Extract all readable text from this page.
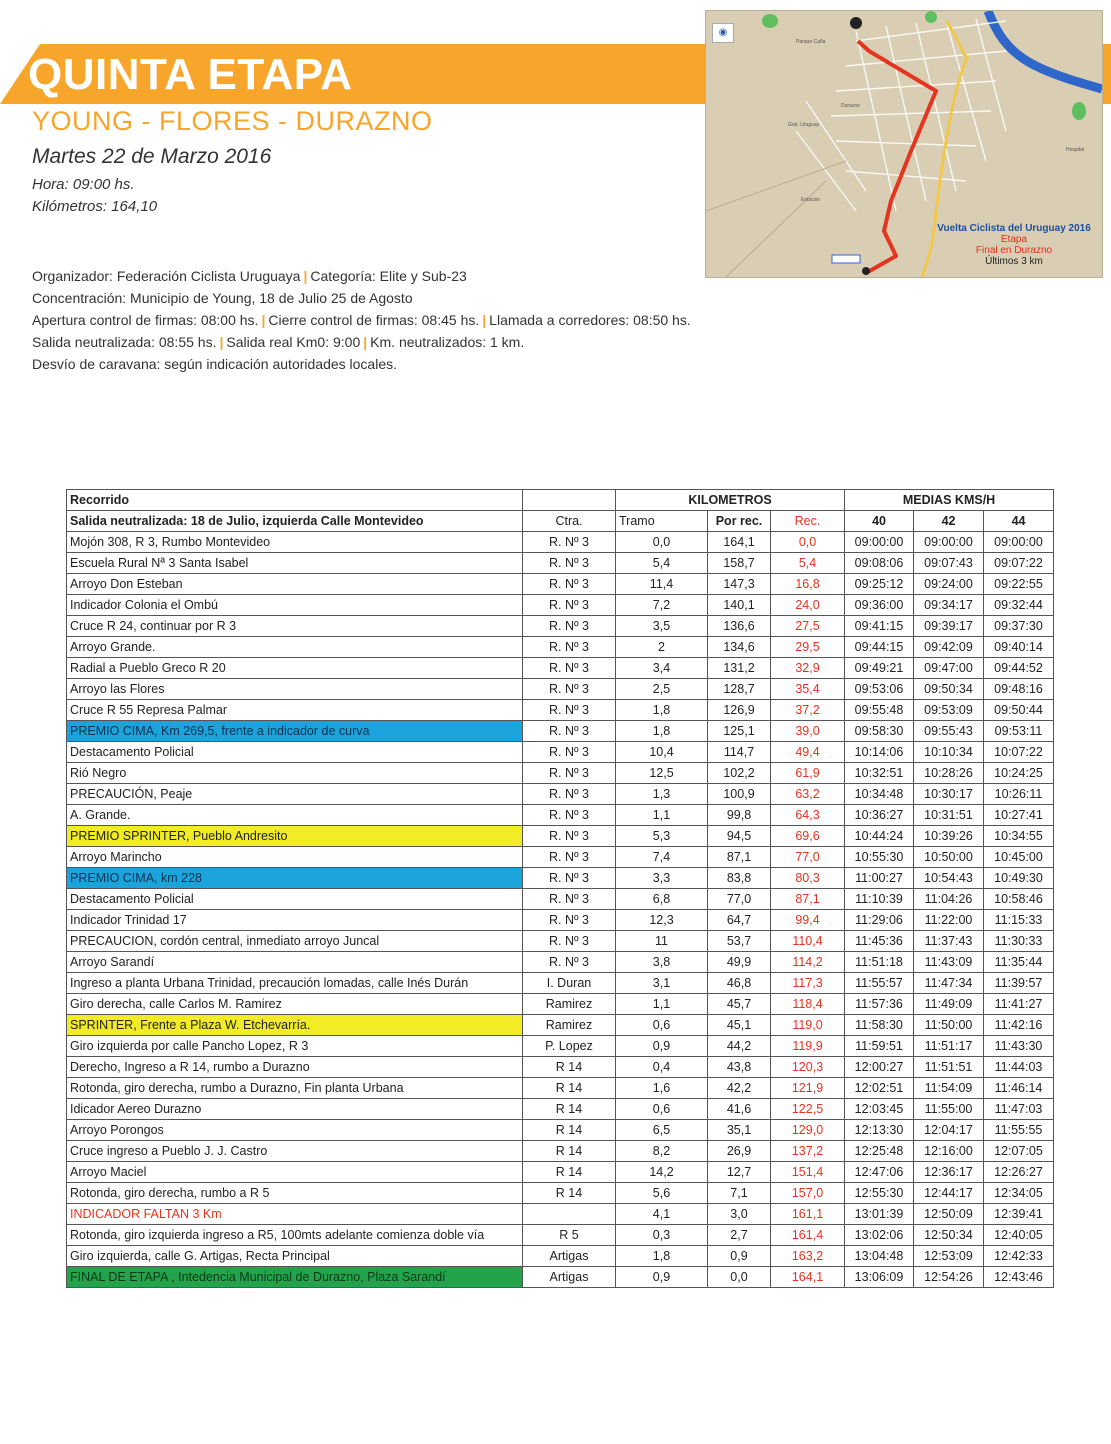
QUINTA ETAPA
YOUNG - FLORES - DURAZNO
Martes 22 de Marzo 2016
Hora: 09:00 hs.
Kilómetros: 164,10
Parque Caña
Durazno
Gral. Uruguay
Estación
Hospital
◉
Vuelta Ciclista del Uruguay 2016
Etapa
Final en Durazno
Últimos 3 km
Organizador: Federación Ciclista Uruguaya | Categoría: Elite y Sub-23
Concentración: Municipio de Young, 18 de Julio 25 de Agosto
Apertura control de firmas: 08:00 hs. | Cierre control de firmas: 08:45 hs. | Llamada a corredores: 08:50 hs.
Salida neutralizada: 08:55 hs. | Salida real Km0: 9:00 | Km. neutralizados: 1 km.
Desvío de caravana: según indicación autoridades locales.
Recorrido		KILOMETROS			MEDIAS KMS/H		
Salida neutralizada: 18 de Julio, izquierda Calle Montevideo	Ctra.	Tramo	Por rec.	Rec.	40	42	44
Mojón 308, R 3, Rumbo Montevideo	R. Nº 3	0,0	164,1	0,0	09:00:00	09:00:00	09:00:00
Escuela Rural Nª 3 Santa Isabel	R. Nº 3	5,4	158,7	5,4	09:08:06	09:07:43	09:07:22
Arroyo Don Esteban	R. Nº 3	11,4	147,3	16,8	09:25:12	09:24:00	09:22:55
Indicador Colonia el Ombú	R. Nº 3	7,2	140,1	24,0	09:36:00	09:34:17	09:32:44
Cruce R 24, continuar por R 3	R. Nº 3	3,5	136,6	27,5	09:41:15	09:39:17	09:37:30
Arroyo Grande.	R. Nº 3	2	134,6	29,5	09:44:15	09:42:09	09:40:14
Radial a Pueblo Greco R 20	R. Nº 3	3,4	131,2	32,9	09:49:21	09:47:00	09:44:52
Arroyo las Flores	R. Nº 3	2,5	128,7	35,4	09:53:06	09:50:34	09:48:16
Cruce R 55 Represa Palmar	R. Nº 3	1,8	126,9	37,2	09:55:48	09:53:09	09:50:44
PREMIO CIMA, Km 269,5, frente a indicador de curva	R. Nº 3	1,8	125,1	39,0	09:58:30	09:55:43	09:53:11
Destacamento Policial	R. Nº 3	10,4	114,7	49,4	10:14:06	10:10:34	10:07:22
Rió Negro	R. Nº 3	12,5	102,2	61,9	10:32:51	10:28:26	10:24:25
PRECAUCIÓN, Peaje	R. Nº 3	1,3	100,9	63,2	10:34:48	10:30:17	10:26:11
A. Grande.	R. Nº 3	1,1	99,8	64,3	10:36:27	10:31:51	10:27:41
PREMIO SPRINTER, Pueblo Andresito	R. Nº 3	5,3	94,5	69,6	10:44:24	10:39:26	10:34:55
Arroyo Marincho	R. Nº 3	7,4	87,1	77,0	10:55:30	10:50:00	10:45:00
PREMIO CIMA, km 228	R. Nº 3	3,3	83,8	80,3	11:00:27	10:54:43	10:49:30
Destacamento Policial	R. Nº 3	6,8	77,0	87,1	11:10:39	11:04:26	10:58:46
Indicador Trinidad 17	R. Nº 3	12,3	64,7	99,4	11:29:06	11:22:00	11:15:33
PRECAUCION, cordón central, inmediato arroyo Juncal	R. Nº 3	11	53,7	110,4	11:45:36	11:37:43	11:30:33
Arroyo Sarandí	R. Nº 3	3,8	49,9	114,2	11:51:18	11:43:09	11:35:44
Ingreso a planta Urbana Trinidad, precaución lomadas, calle Inés Durán	I. Duran	3,1	46,8	117,3	11:55:57	11:47:34	11:39:57
Giro derecha, calle Carlos M. Ramirez	Ramirez	1,1	45,7	118,4	11:57:36	11:49:09	11:41:27
SPRINTER, Frente a Plaza W. Etchevarría.	Ramirez	0,6	45,1	119,0	11:58:30	11:50:00	11:42:16
Giro izquierda por calle Pancho Lopez, R 3	P. Lopez	0,9	44,2	119,9	11:59:51	11:51:17	11:43:30
Derecho, Ingreso a R 14, rumbo a Durazno	R 14	0,4	43,8	120,3	12:00:27	11:51:51	11:44:03
Rotonda, giro derecha, rumbo a Durazno, Fin planta Urbana	R 14	1,6	42,2	121,9	12:02:51	11:54:09	11:46:14
Idicador Aereo Durazno	R 14	0,6	41,6	122,5	12:03:45	11:55:00	11:47:03
Arroyo Porongos	R 14	6,5	35,1	129,0	12:13:30	12:04:17	11:55:55
Cruce ingreso a Pueblo J. J. Castro	R 14	8,2	26,9	137,2	12:25:48	12:16:00	12:07:05
Arroyo Maciel	R 14	14,2	12,7	151,4	12:47:06	12:36:17	12:26:27
Rotonda, giro derecha, rumbo a R 5	R 14	5,6	7,1	157,0	12:55:30	12:44:17	12:34:05
INDICADOR FALTAN 3 Km		4,1	3,0	161,1	13:01:39	12:50:09	12:39:41
Rotonda, giro izquierda ingreso a R5, 100mts adelante comienza doble vía	R 5	0,3	2,7	161,4	13:02:06	12:50:34	12:40:05
Giro izquierda, calle G. Artigas, Recta Principal	Artigas	1,8	0,9	163,2	13:04:48	12:53:09	12:42:33
FINAL DE ETAPA , Intedencia Municipal de Durazno, Plaza Sarandí	Artigas	0,9	0,0	164,1	13:06:09	12:54:26	12:43:46
